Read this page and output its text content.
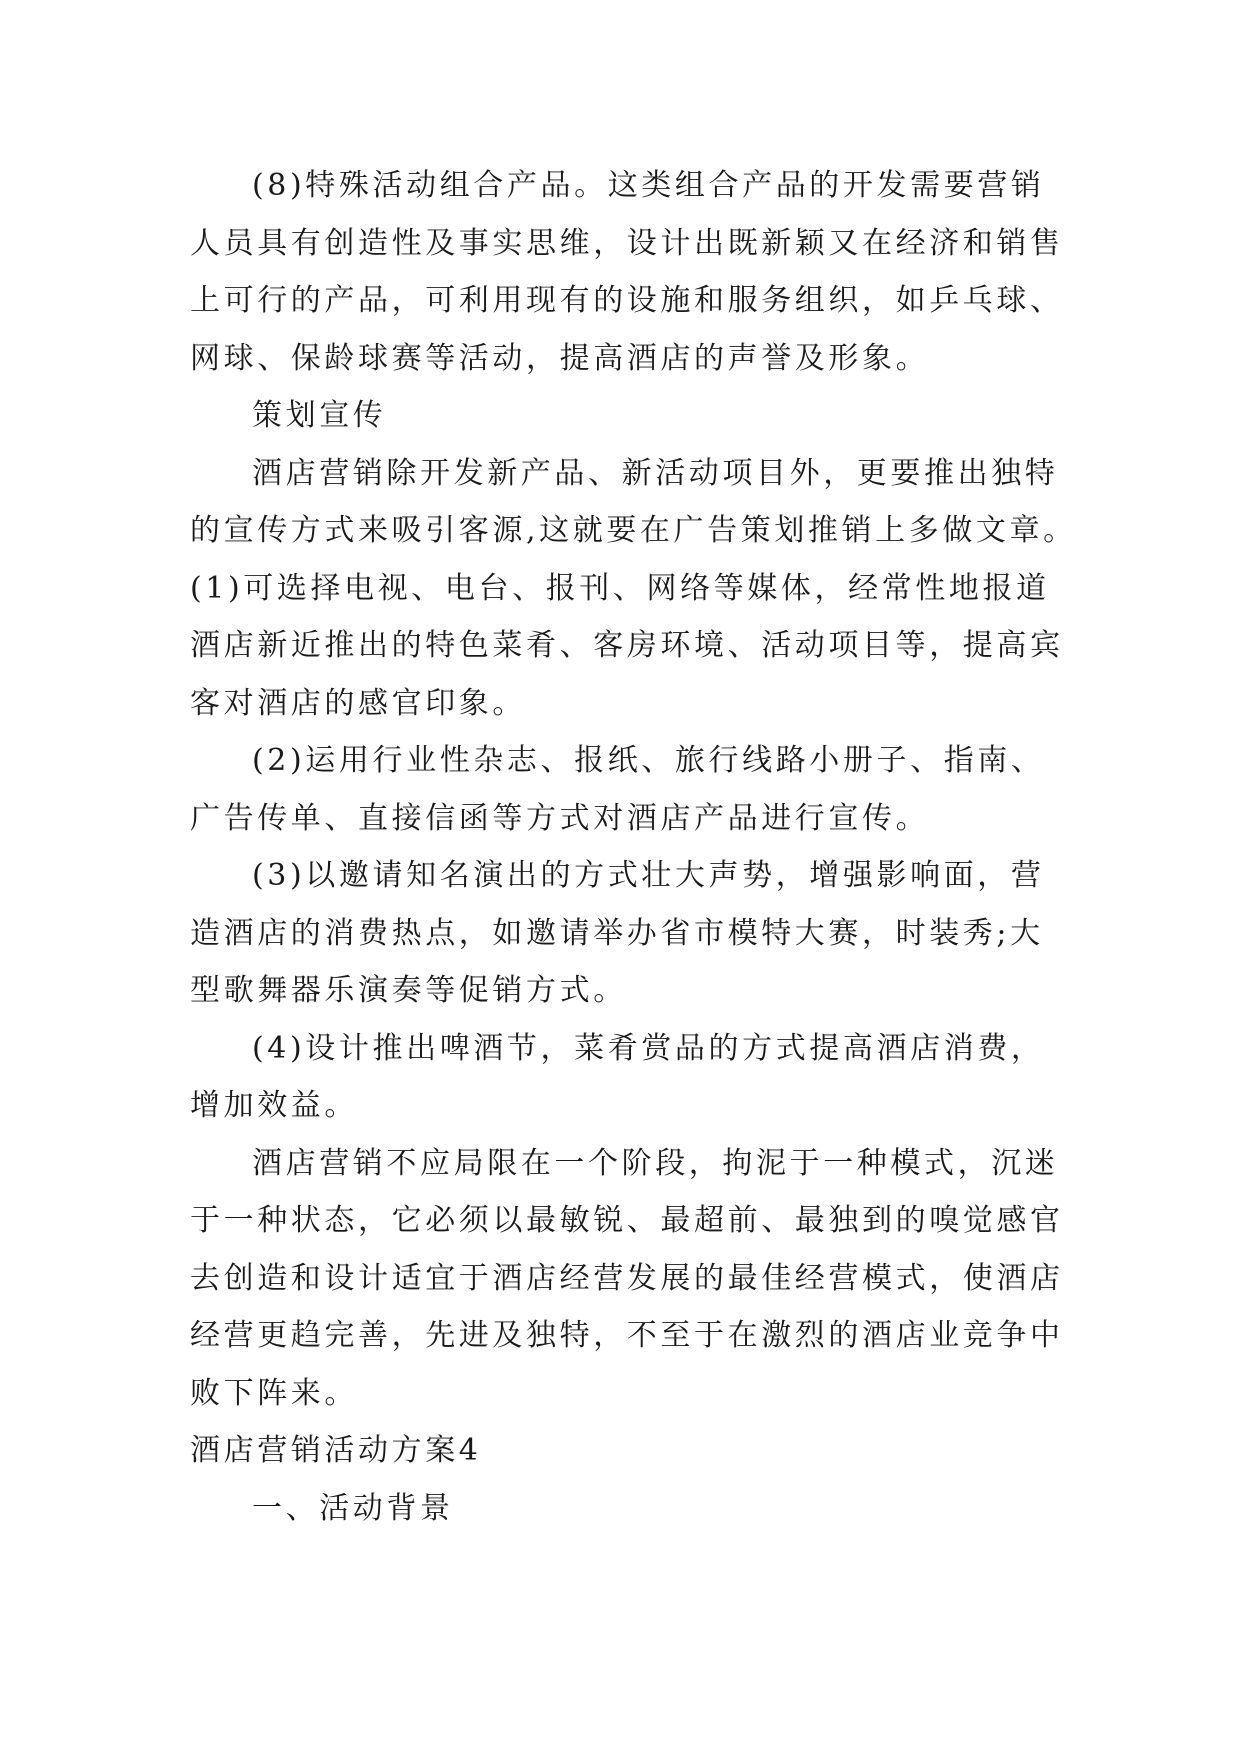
(8)特殊活动组合产品。这类组合产品的开发需要营销
人员具有创造性及事实思维，设计出既新颖又在经济和销售
上可行的产品，可利用现有的设施和服务组织，如乒乓球、
网球、保龄球赛等活动，提高酒店的声誉及形象。
策划宣传
酒店营销除开发新产品、新活动项目外，更要推出独特
的宣传方式来吸引客源,这就要在广告策划推销上多做文章。
(1)可选择电视、电台、报刊、网络等媒体，经常性地报道
酒店新近推出的特色菜肴、客房环境、活动项目等，提高宾
客对酒店的感官印象。
(2)运用行业性杂志、报纸、旅行线路小册子、指南、
广告传单、直接信函等方式对酒店产品进行宣传。
(3)以邀请知名演出的方式壮大声势，增强影响面，营
造酒店的消费热点，如邀请举办省市模特大赛，时装秀;大
型歌舞器乐演奏等促销方式。
(4)设计推出啤酒节，菜肴赏品的方式提高酒店消费，
增加效益。
酒店营销不应局限在一个阶段，拘泥于一种模式，沉迷
于一种状态，它必须以最敏锐、最超前、最独到的嗅觉感官
去创造和设计适宜于酒店经营发展的最佳经营模式，使酒店
经营更趋完善，先进及独特，不至于在激烈的酒店业竞争中
败下阵来。
酒店营销活动方案4
一、活动背景
